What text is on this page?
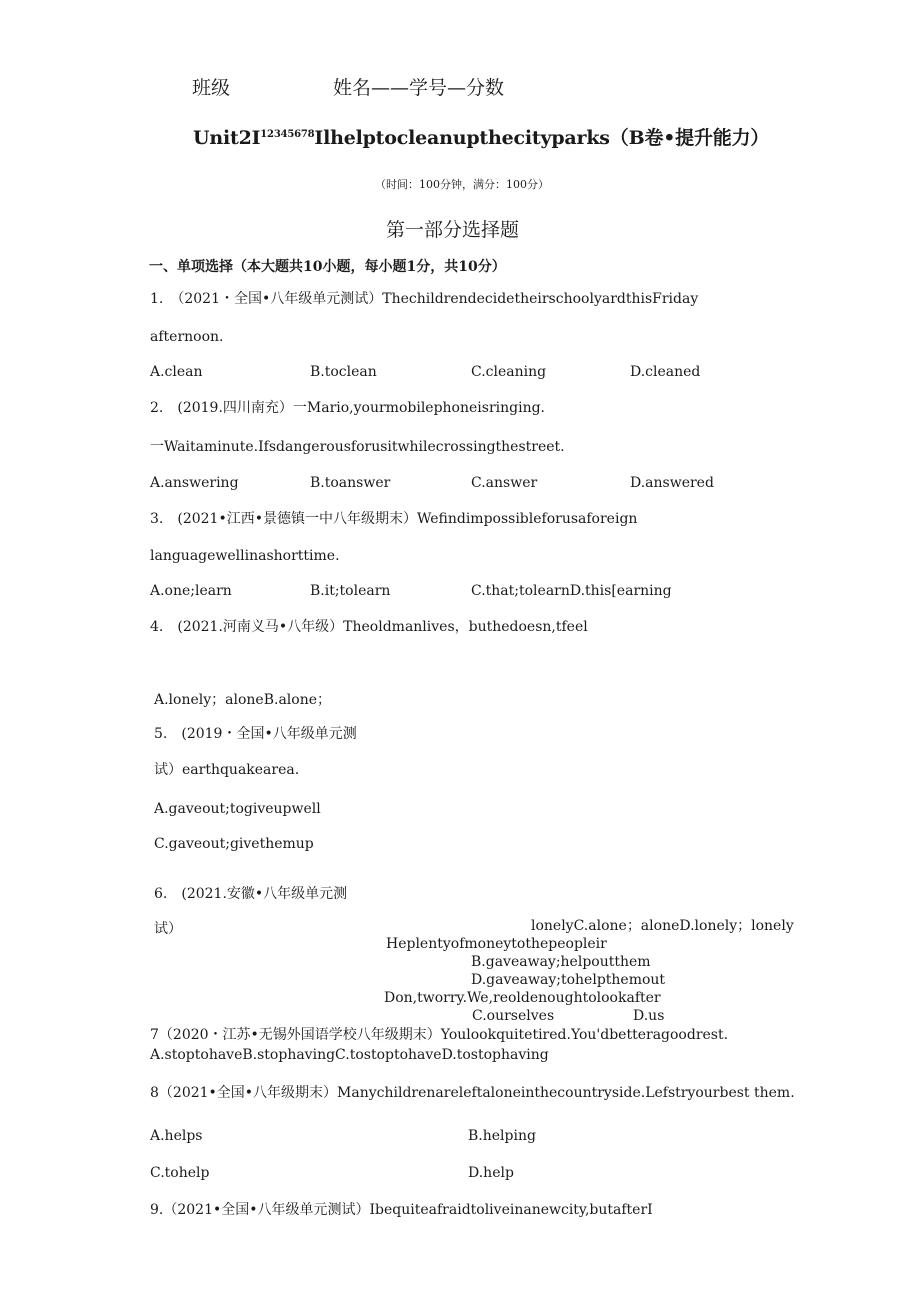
班级	姓名——学号—分数
$Unit2I^{12345678}Ilhelptocleanupthecityparks(B$卷•提升能力）
（时间：100分钟，满分：100分）
第一部分选择题
一、单项选择（本大题共10小题，每小题1分，共10分）
1.　（2021・全国•八年级单元测试）ThechildrendecidetheirschoolyardthisFriday
afternoon.
A.clean	B.toclean	C.cleaning	D.cleaned
2.　(2019.四川南充）一Mario,yourmobilephoneisringing.
一Waitaminute.Ifsdangerousforusitwhilecrossingthestreet.
A.answering	B.toanswer	C.answer	D.answered
3.　(2021•江西•景德镇一中八年级期末）Wefindimpossibleforusaforeign
languagewellinashorttime.
A.one;learn	B.it;tolearn	C.that;tolearnD.this[earning
4.　(2021.河南义马•八年级）Theoldmanlives，buthedoesn,tfeel
A.lonely；aloneB.alone；
5.　(2019・全国•八年级单元测
试）earthquakearea.
A.gaveout;togiveupwell
C.gaveout;givethemup
6.　(2021.安徽•八年级单元测
试）	lonelyC.alone；aloneD.lonely；lonely
Heplentyofmoneytothepeopleir
B.gaveaway;helpoutthem
D.gaveaway;tohelpthemout
Don,tworry.We,reoldenoughtolookafter
C.ourselves	D.us
7（2020・江苏•无锡外国语学校八年级期末）Youlookquitetired.You'dbetteragoodrest.
A.stoptohaveB.stophavingC.tostoptohaveD.tostophaving
8（2021•全国•八年级期末）Manychildrenareleftaloneinthecountryside.Lefstryourbest them.
A.helps	B.helping
C.tohelp	D.help
9.（2021•全国•八年级单元测试）Ibequiteafraidtoliveinanewcity,butafterI
